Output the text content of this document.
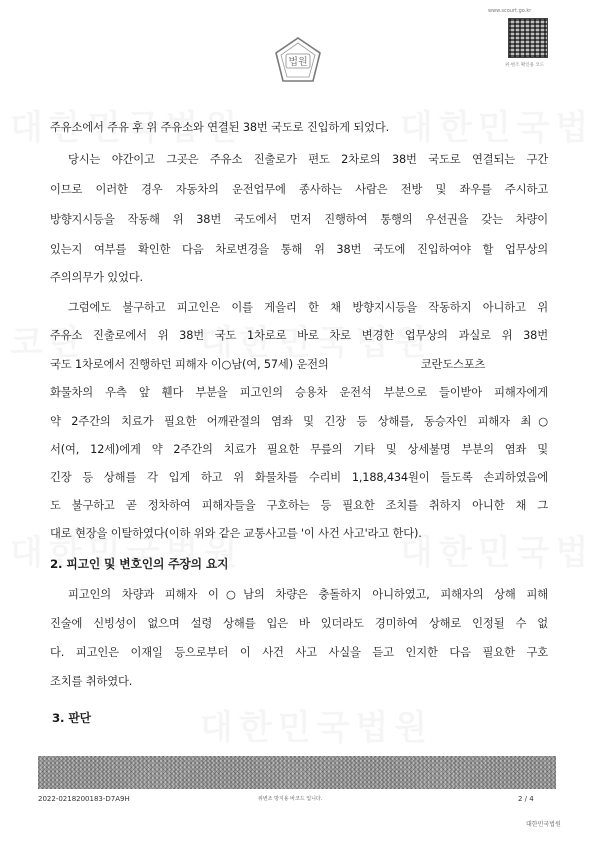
www.scourt.go.kr
위·변조 확인용 코드
법원
주유소에서 주유 후 위 주유소와 연결된 38번 국도로 진입하게 되었다.
당시는 야간이고 그곳은 주유소 진출로가 편도 2차로의 38번 국도로 연결되는 구간
이므로 이러한 경우 자동차의 운전업무에 종사하는 사람은 전방 및 좌우를 주시하고
방향지시등을 작동해 위 38번 국도에서 먼저 진행하여 통행의 우선권을 갖는 차량이
있는지 여부를 확인한 다음 차로변경을 통해 위 38번 국도에 진입하여야 할 업무상의
주의의무가 있었다.
그럼에도 불구하고 피고인은 이를 게을리 한 채 방향지시등을 작동하지 아니하고 위
주유소 진출로에서 위 38번 국도 1차로로 바로 차로 변경한 업무상의 과실로 위 38번
국도 1차로에서 진행하던 피해자 이○남(여, 57세) 운전의	코란도스포츠
화물차의 우측 앞 휀다 부분을 피고인의 승용차 운전석 부분으로 들이받아 피해자에게
약 2주간의 치료가 필요한 어깨관절의 염좌 및 긴장 등 상해를, 동승자인 피해자 최○
서(여, 12세)에게 약 2주간의 치료가 필요한 무릎의 기타 및 상세불명 부분의 염좌 및
긴장 등 상해를 각 입게 하고 위 화물차를 수리비 1,188,434원이 들도록 손괴하였음에
도 불구하고 곧 정차하여 피해자들을 구호하는 등 필요한 조치를 취하지 아니한 채 그
대로 현장을 이탈하였다(이하 위와 같은 교통사고를 '이 사건 사고'라고 한다).
2. 피고인 및 변호인의 주장의 요지
피고인의 차량과 피해자 이○남의 차량은 충돌하지 아니하였고, 피해자의 상해 피해
진술에 신빙성이 없으며 설령 상해를 입은 바 있더라도 경미하여 상해로 인정될 수 없
다. 피고인은 이재일 등으로부터 이 사건 사고 사실을 듣고 인지한 다음 필요한 구호
조치를 취하였다.
3. 판단
2022-0218200183-D7A9H	위변조 방지용 바코드 입니다.	2 / 4
대한민국법원
